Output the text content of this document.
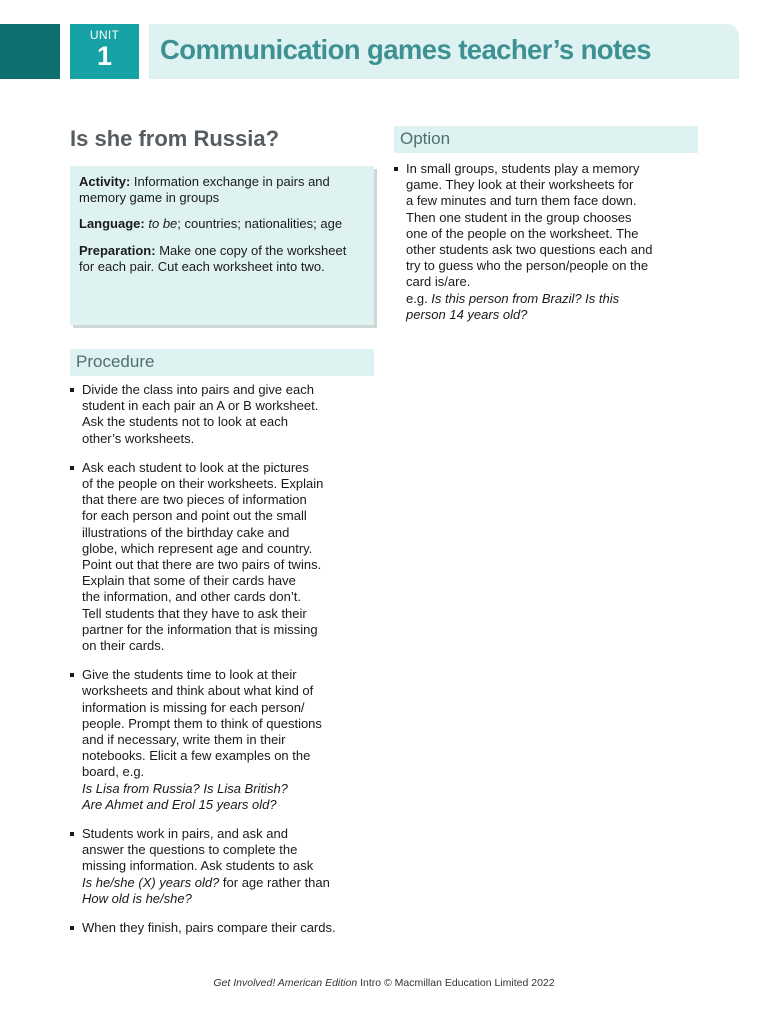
UNIT
1	Communication games teacher’s notes
Is she from Russia?

Activity: Information exchange in pairs and memory game in groups

Language: to be; countries; nationalities; age

Preparation: Make one copy of the worksheet for each pair. Cut each worksheet into two.

Procedure
Divide the class into pairs and give each
student in each pair an A or B worksheet.
Ask the students not to look at each
other’s worksheets.
Ask each student to look at the pictures
of the people on their worksheets. Explain
that there are two pieces of information
for each person and point out the small
illustrations of the birthday cake and
globe, which represent age and country.
Point out that there are two pairs of twins.
Explain that some of their cards have
the information, and other cards don’t.
Tell students that they have to ask their
partner for the information that is missing
on their cards.
Give the students time to look at their
worksheets and think about what kind of
information is missing for each person/
people. Prompt them to think of questions
and if necessary, write them in their
notebooks. Elicit a few examples on the
board, e.g.
Is Lisa from Russia? Is Lisa British?
Are Ahmet and Erol 15 years old?
Students work in pairs, and ask and
answer the questions to complete the
missing information. Ask students to ask
Is he/she (X) years old? for age rather than
How old is he/she?
When they finish, pairs compare their cards.
Option
In small groups, students play a memory
game. They look at their worksheets for
a few minutes and turn them face down.
Then one student in the group chooses
one of the people on the worksheet. The
other students ask two questions each and
try to guess who the person/people on the
card is/are.
e.g. Is this person from Brazil? Is this
person 14 years old?
Get Involved! American Edition Intro © Macmillan Education Limited 2022
